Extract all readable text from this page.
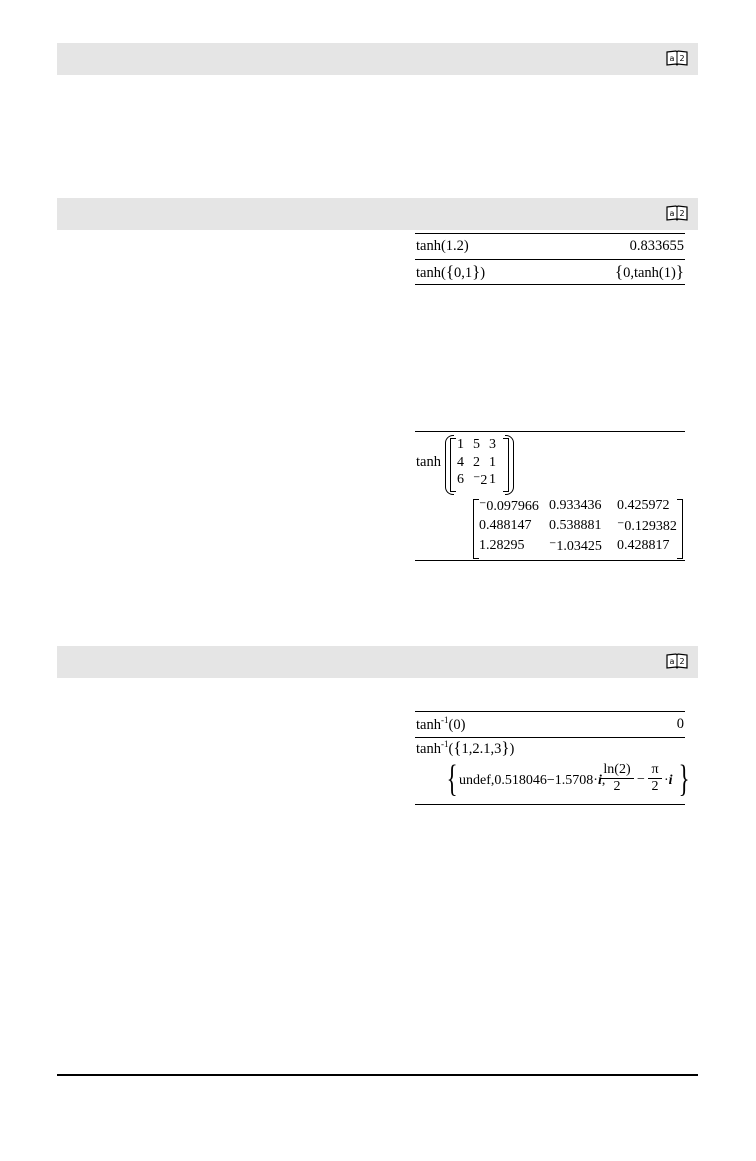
a 2
a 2
tanh(1.2)	0.833655
tanh({0,1})	{0,tanh(1)}
tanh
1 5 3
4 2 1
6 ⁻2 1
⁻0.097966 0.933436 0.425972
0.488147 0.538881 ⁻0.129382
1.28295 ⁻1.03425 0.428817
a 2
$\tanh^{-1}(0)$	0
$\tanh^{-1}(\{1,2.1,3\})$
{ undef,0.518046−1.5708·i,
$\frac{\ln(2)}{2} - \frac{\pi}{2} \cdot i$ }
